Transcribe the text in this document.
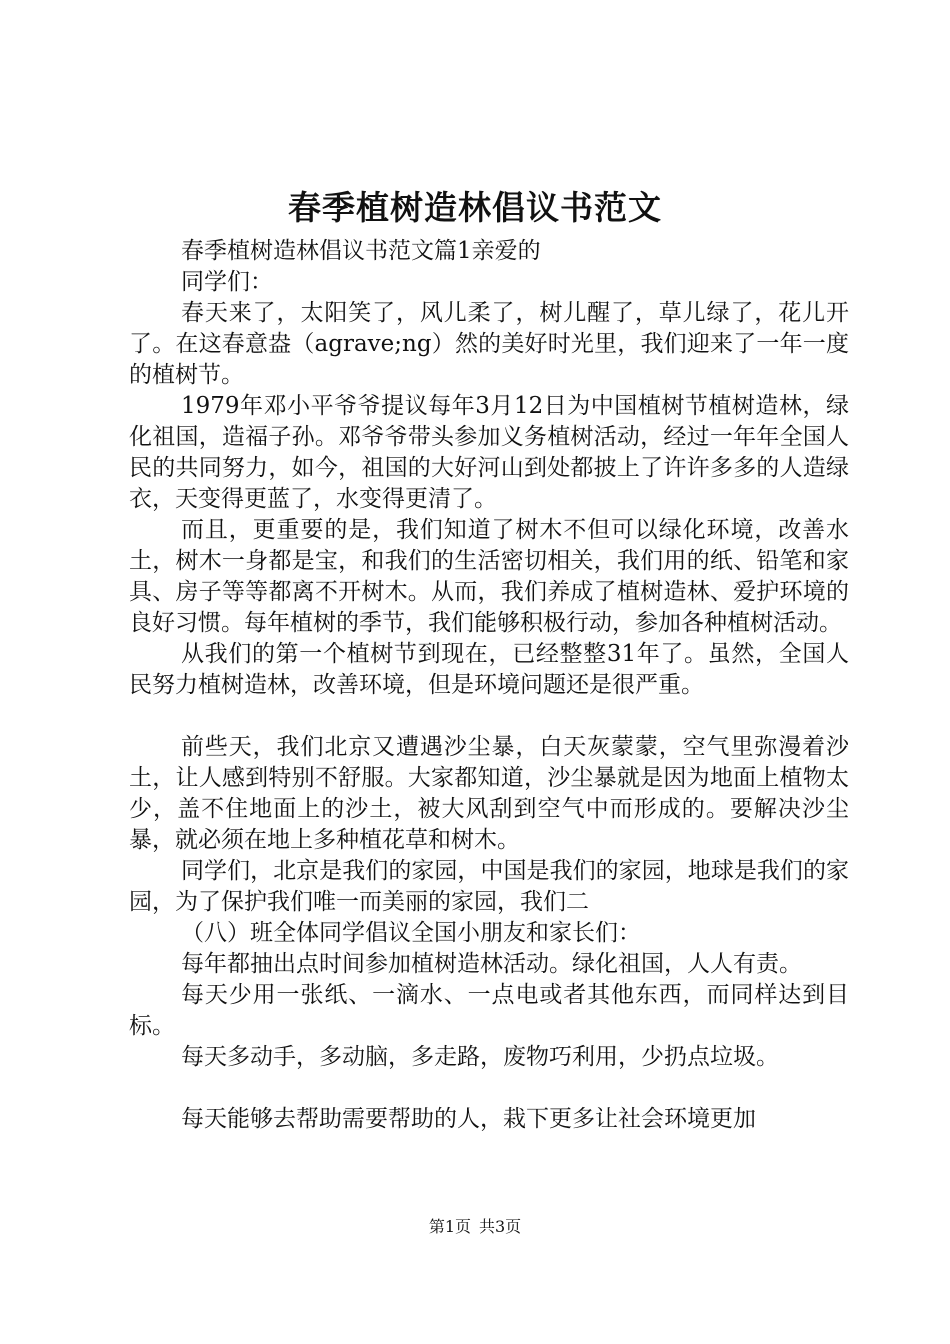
春季植树造林倡议书范文

春季植树造林倡议书范文篇1亲爱的

同学们：

春天来了，太阳笑了，风儿柔了，树儿醒了，草儿绿了，花儿开了。在这春意盎（agrave;ng）然的美好时光里，我们迎来了一年一度的植树节。

1979年邓小平爷爷提议每年3月12日为中国植树节植树造林，绿化祖国，造福子孙。邓爷爷带头参加义务植树活动，经过一年年全国人民的共同努力，如今，祖国的大好河山到处都披上了许许多多的人造绿衣，天变得更蓝了，水变得更清了。

而且，更重要的是，我们知道了树木不但可以绿化环境，改善水土，树木一身都是宝，和我们的生活密切相关，我们用的纸、铅笔和家具、房子等等都离不开树木。从而，我们养成了植树造林、爱护环境的良好习惯。每年植树的季节，我们能够积极行动，参加各种植树活动。

从我们的第一个植树节到现在，已经整整31年了。虽然，全国人民努力植树造林，改善环境，但是环境问题还是很严重。

前些天，我们北京又遭遇沙尘暴，白天灰蒙蒙，空气里弥漫着沙土，让人感到特别不舒服。大家都知道，沙尘暴就是因为地面上植物太少，盖不住地面上的沙土，被大风刮到空气中而形成的。要解决沙尘暴，就必须在地上多种植花草和树木。

同学们，北京是我们的家园，中国是我们的家园，地球是我们的家园，为了保护我们唯一而美丽的家园，我们二

（八）班全体同学倡议全国小朋友和家长们：

每年都抽出点时间参加植树造林活动。绿化祖国，人人有责。

每天少用一张纸、一滴水、一点电或者其他东西，而同样达到目标。

每天多动手，多动脑，多走路，废物巧利用，少扔点垃圾。

每天能够去帮助需要帮助的人，栽下更多让社会环境更加

第1页 共3页
